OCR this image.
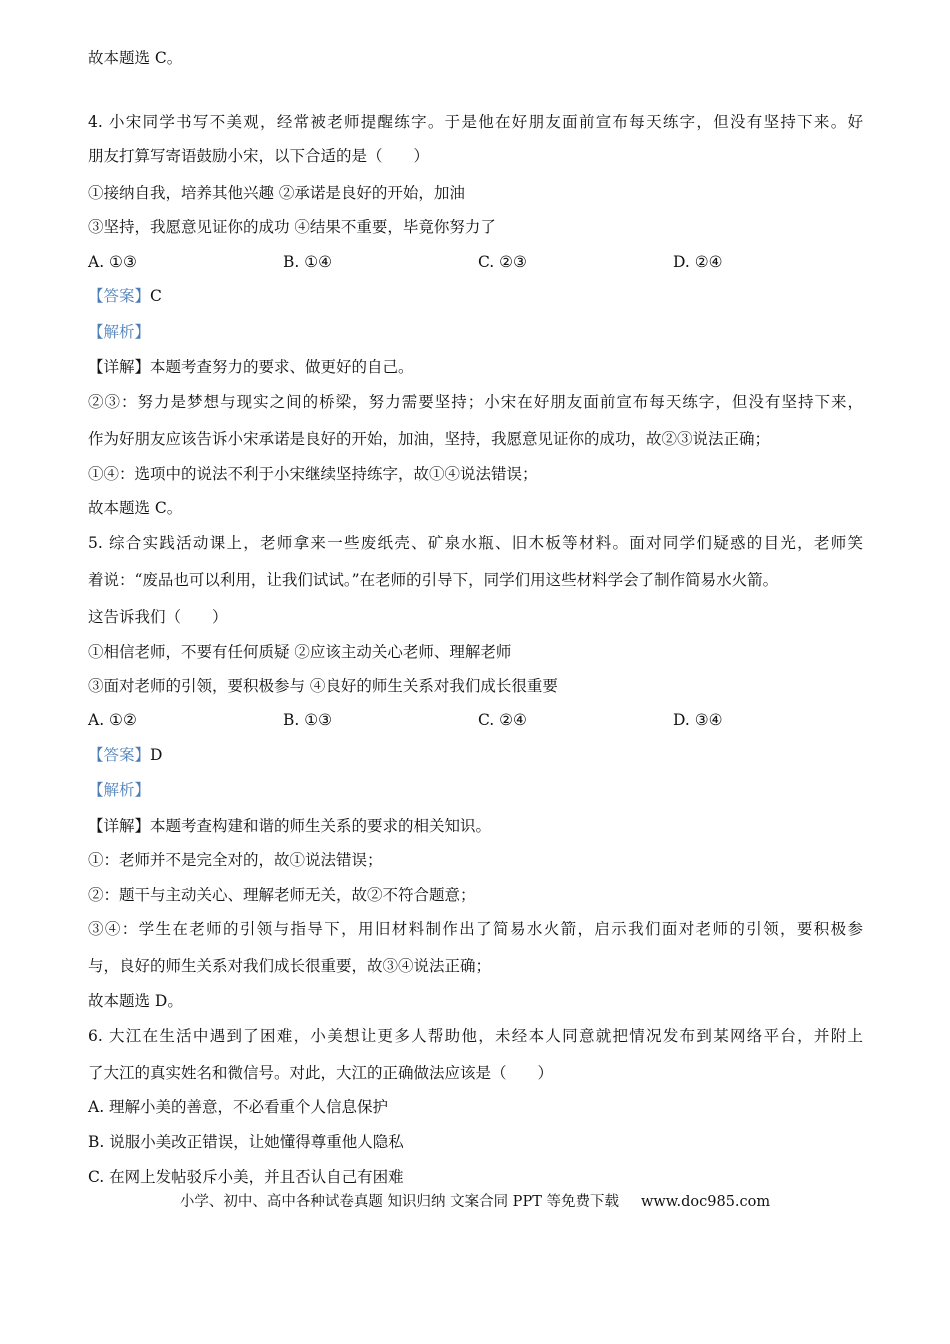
故本题选 C。
4. 小宋同学书写不美观，经常被老师提醒练字。于是他在好朋友面前宣布每天练字，但没有坚持下来。好
朋友打算写寄语鼓励小宋，以下合适的是（　　）
①接纳自我，培养其他兴趣 ②承诺是良好的开始，加油
③坚持，我愿意见证你的成功 ④结果不重要，毕竟你努力了
A. ①③	B. ①④	C. ②③	D. ②④
【答案】C
【解析】
【详解】本题考查努力的要求、做更好的自己。
②③：努力是梦想与现实之间的桥梁，努力需要坚持；小宋在好朋友面前宣布每天练字，但没有坚持下来，
作为好朋友应该告诉小宋承诺是良好的开始，加油，坚持，我愿意见证你的成功，故②③说法正确；
①④：选项中的说法不利于小宋继续坚持练字，故①④说法错误；
故本题选 C。
5. 综合实践活动课上，老师拿来一些废纸壳、矿泉水瓶、旧木板等材料。面对同学们疑惑的目光，老师笑
着说：“废品也可以利用，让我们试试。”在老师的引导下，同学们用这些材料学会了制作简易水火箭。
这告诉我们（　　）
①相信老师，不要有任何质疑 ②应该主动关心老师、理解老师
③面对老师的引领，要积极参与 ④良好的师生关系对我们成长很重要
A. ①②	B. ①③	C. ②④	D. ③④
【答案】D
【解析】
【详解】本题考查构建和谐的师生关系的要求的相关知识。
①：老师并不是完全对的，故①说法错误；
②：题干与主动关心、理解老师无关，故②不符合题意；
③④：学生在老师的引领与指导下，用旧材料制作出了简易水火箭，启示我们面对老师的引领，要积极参
与，良好的师生关系对我们成长很重要，故③④说法正确；
故本题选 D。
6. 大江在生活中遇到了困难，小美想让更多人帮助他，未经本人同意就把情况发布到某网络平台，并附上
了大江的真实姓名和微信号。对此，大江的正确做法应该是（　　）
A. 理解小美的善意，不必看重个人信息保护
B. 说服小美改正错误，让她懂得尊重他人隐私
C. 在网上发帖驳斥小美，并且否认自己有困难
小学、初中、高中各种试卷真题 知识归纳 文案合同 PPT 等免费下载 www.doc985.com
